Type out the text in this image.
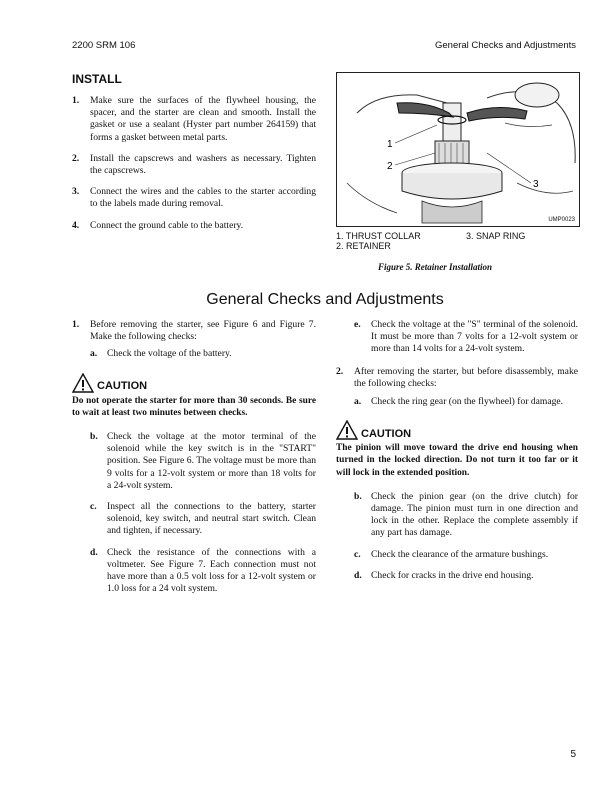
2200 SRM 106	General Checks and Adjustments
INSTALL
1. Make sure the surfaces of the flywheel housing, the spacer, and the starter are clean and smooth. Install the gasket or use a sealant (Hyster part number 264159) that forms a gasket between metal parts.
2. Install the capscrews and washers as necessary. Tighten the capscrews.
3. Connect the wires and the cables to the starter according to the labels made during removal.
4. Connect the ground cable to the battery.
1
2
3
UMP0023
1. THRUST COLLAR	3. SNAP RING
2. RETAINER
Figure 5. Retainer Installation
General Checks and Adjustments
1. Before removing the starter, see Figure 6 and Figure 7. Make the following checks:
a. Check the voltage of the battery.
CAUTION
Do not operate the starter for more than 30 seconds. Be sure to wait at least two minutes between checks.
b. Check the voltage at the motor terminal of the solenoid while the key switch is in the "START" position. See Figure 6. The voltage must be more than 9 volts for a 12-volt system or more than 18 volts for a 24-volt system.
c. Inspect all the connections to the battery, starter solenoid, key switch, and neutral start switch. Clean and tighten, if necessary.
d. Check the resistance of the connections with a voltmeter. See Figure 7. Each connection must not have more than a 0.5 volt loss for a 12-volt system or 1.0 loss for a 24 volt system.
e. Check the voltage at the "S" terminal of the solenoid. It must be more than 7 volts for a 12-volt system or more than 14 volts for a 24-volt system.
2. After removing the starter, but before disassembly, make the following checks:
a. Check the ring gear (on the flywheel) for damage.
CAUTION
The pinion will move toward the drive end housing when turned in the locked direction. Do not turn it too far or it will lock in the extended position.
b. Check the pinion gear (on the drive clutch) for damage. The pinion must turn in one direction and lock in the other. Replace the complete assembly if any part has damage.
c. Check the clearance of the armature bushings.
d. Check for cracks in the drive end housing.
5
